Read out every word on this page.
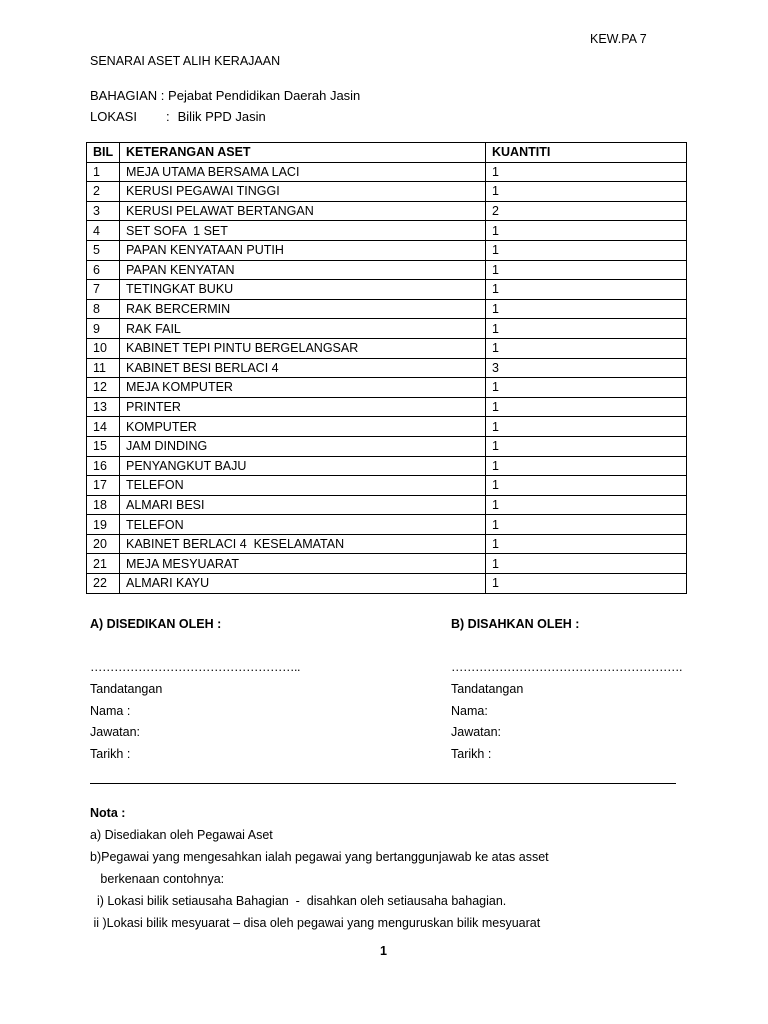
KEW.PA 7
SENARAI ASET ALIH KERAJAAN
BAHAGIAN : Pejabat Pendidikan Daerah Jasin
LOKASI : Bilik PPD Jasin
BIL	KETERANGAN ASET	KUANTITI
1	MEJA UTAMA BERSAMA LACI	1
2	KERUSI PEGAWAI TINGGI	1
3	KERUSI PELAWAT BERTANGAN	2
4	SET SOFA  1 SET	1
5	PAPAN KENYATAAN PUTIH	1
6	PAPAN KENYATAN	1
7	TETINGKAT BUKU	1
8	RAK BERCERMIN	1
9	RAK FAIL	1
10	KABINET TEPI PINTU BERGELANGSAR	1
11	KABINET BESI BERLACI 4	3
12	MEJA KOMPUTER	1
13	PRINTER	1
14	KOMPUTER	1
15	JAM DINDING	1
16	PENYANGKUT BAJU	1
17	TELEFON	1
18	ALMARI BESI	1
19	TELEFON	1
20	KABINET BERLACI 4  KESELAMATAN	1
21	MEJA MESYUARAT	1
22	ALMARI KAYU	1
A) DISEDIKAN OLEH :	B) DISAHKAN OLEH :
……………………………………………..
Tandatangan
Nama :
Jawatan:
Tarikh :
………………………………………………….
Tandatangan
Nama:
Jawatan:
Tarikh :
Nota :
a) Disediakan oleh Pegawai Aset
b)Pegawai yang mengesahkan ialah pegawai yang bertanggunjawab ke atas asset
berkenaan contohnya:
i) Lokasi bilik setiausaha Bahagian  -  disahkan oleh setiausaha bahagian.
ii )Lokasi bilik mesyuarat – disa oleh pegawai yang menguruskan bilik mesyuarat
1
